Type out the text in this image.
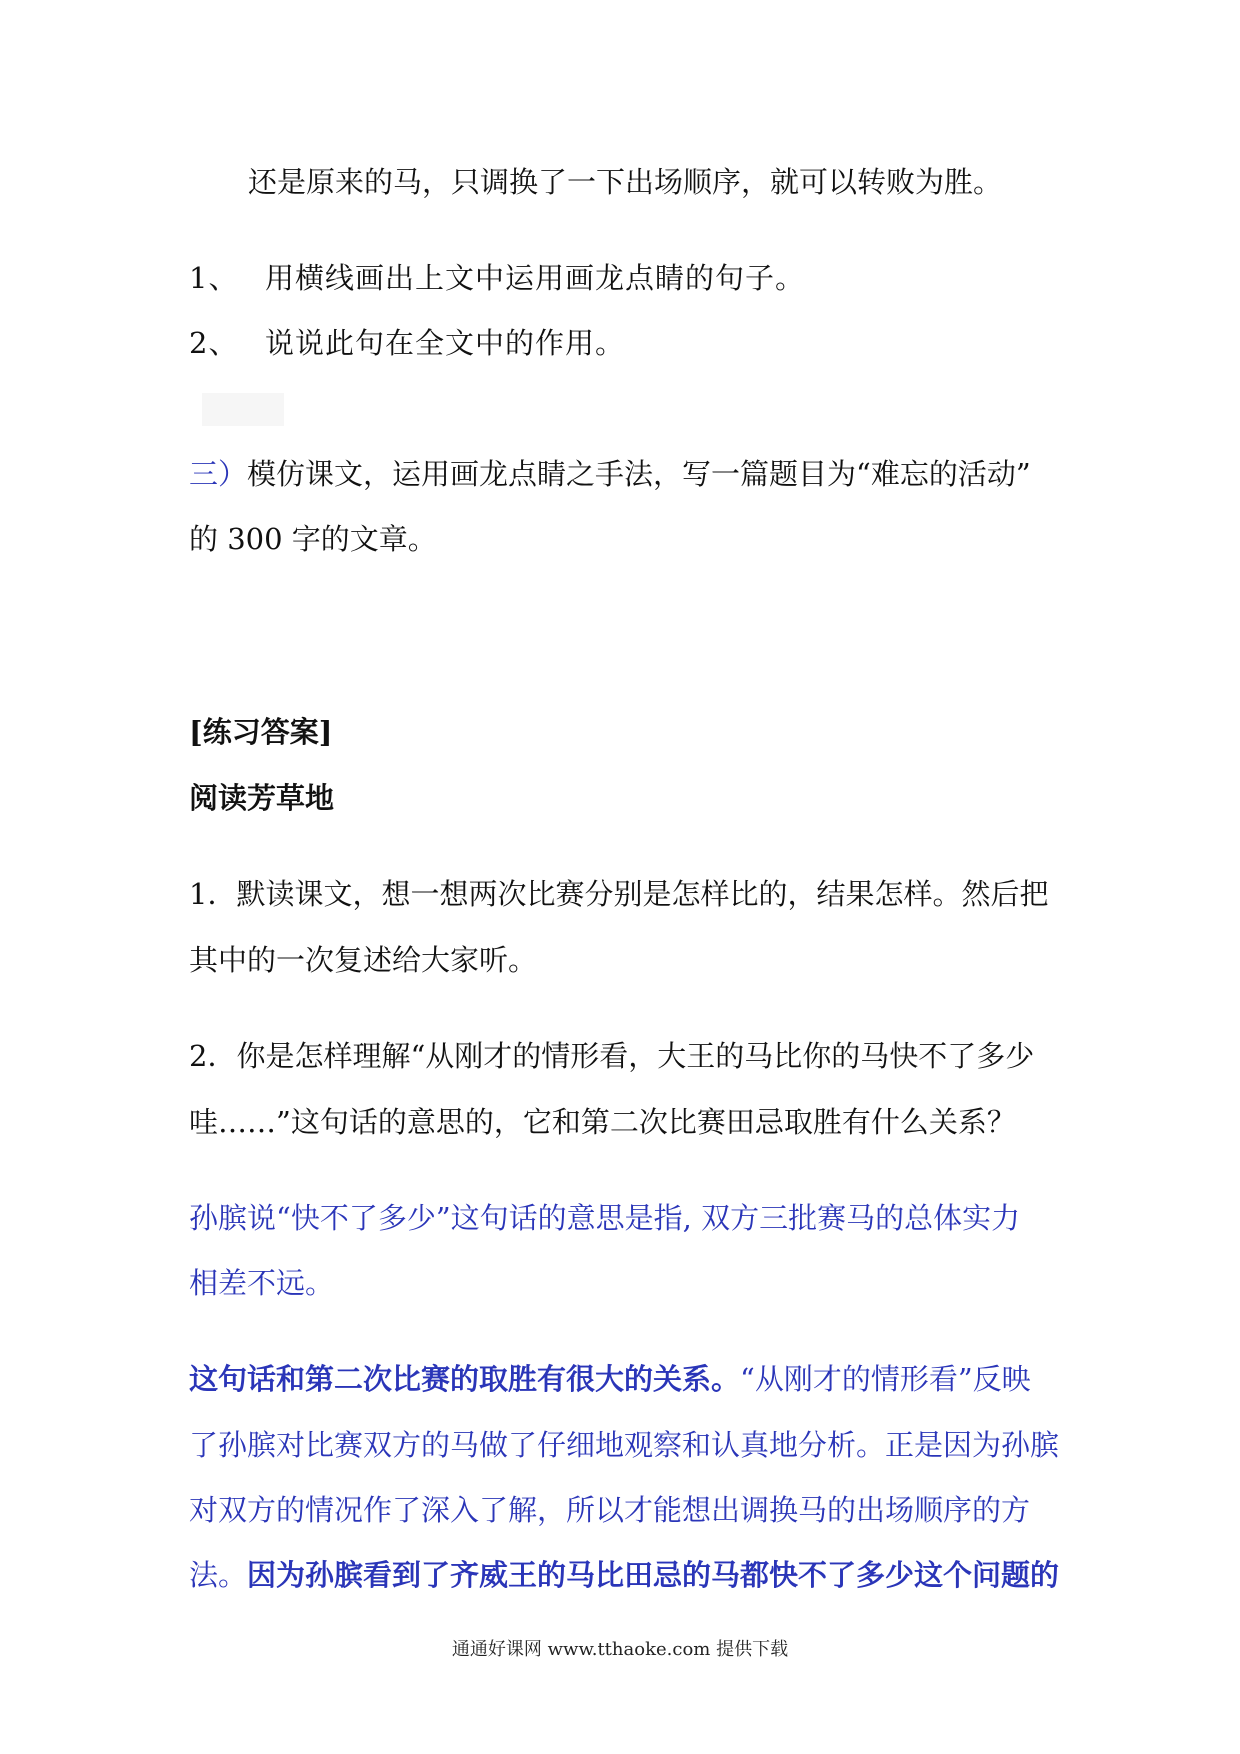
还是原来的马，只调换了一下出场顺序，就可以转败为胜。
1、 用横线画出上文中运用画龙点睛的句子。
2、 说说此句在全文中的作用。
三）模仿课文，运用画龙点睛之手法，写一篇题目为“难忘的活动”
的 300 字的文章。
[练习答案]
阅读芳草地
1．默读课文，想一想两次比赛分别是怎样比的，结果怎样。然后把
其中的一次复述给大家听。
2．你是怎样理解“从刚才的情形看，大王的马比你的马快不了多少
哇……”这句话的意思的，它和第二次比赛田忌取胜有什么关系？
孙膑说“快不了多少”这句话的意思是指, 双方三批赛马的总体实力
相差不远。
这句话和第二次比赛的取胜有很大的关系。“从刚才的情形看”反映
了孙膑对比赛双方的马做了仔细地观察和认真地分析。正是因为孙膑
对双方的情况作了深入了解，所以才能想出调换马的出场顺序的方
法。因为孙膑看到了齐威王的马比田忌的马都快不了多少这个问题的
通通好课网 www.tthaoke.com 提供下载
